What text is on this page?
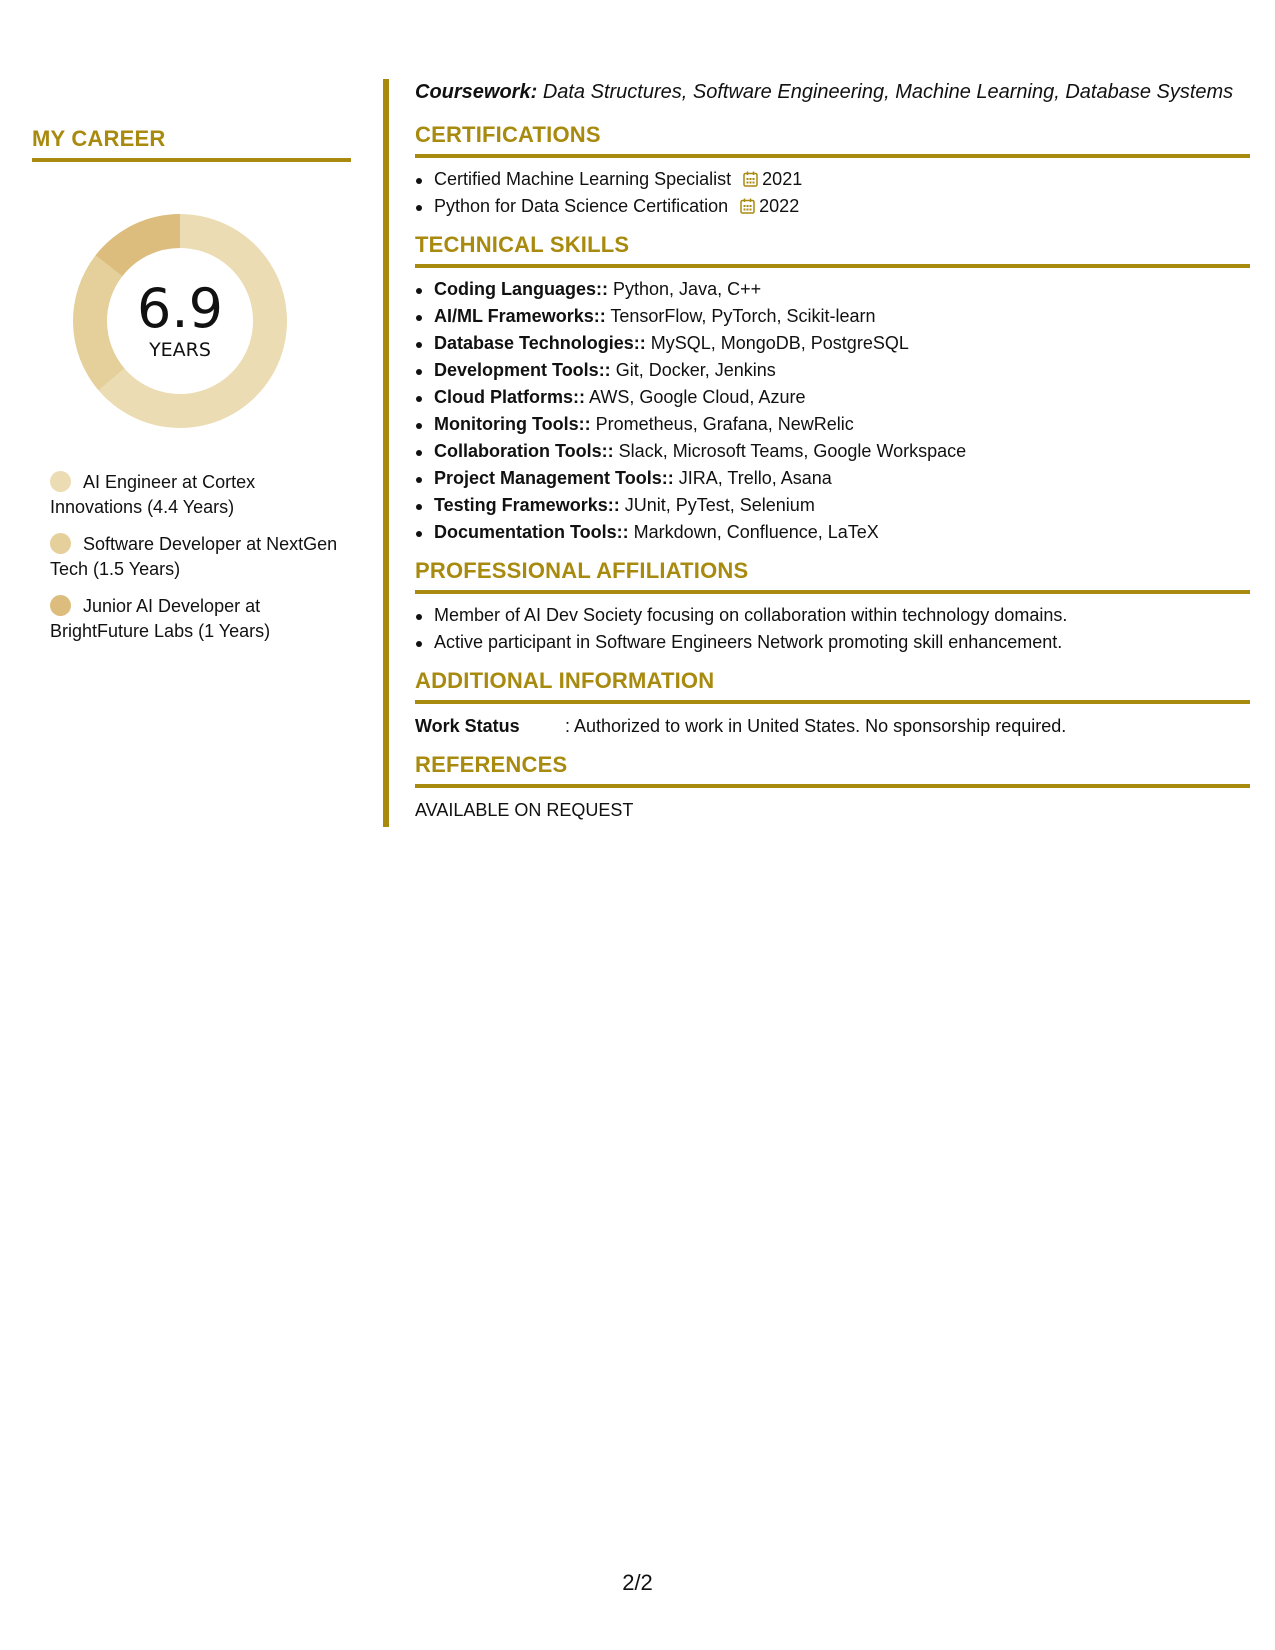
MY CAREER
6.9
YEARS
AI Engineer at Cortex Innovations (4.4 Years)
Software Developer at NextGen Tech (1.5 Years)
Junior AI Developer at BrightFuture Labs (1 Years)
Coursework: Data Structures, Software Engineering, Machine Learning, Database Systems
CERTIFICATIONS
Certified Machine Learning Specialist 2021
Python for Data Science Certification 2022
TECHNICAL SKILLS
Coding Languages:: Python, Java, C++
AI/ML Frameworks:: TensorFlow, PyTorch, Scikit-learn
Database Technologies:: MySQL, MongoDB, PostgreSQL
Development Tools:: Git, Docker, Jenkins
Cloud Platforms:: AWS, Google Cloud, Azure
Monitoring Tools:: Prometheus, Grafana, NewRelic
Collaboration Tools:: Slack, Microsoft Teams, Google Workspace
Project Management Tools:: JIRA, Trello, Asana
Testing Frameworks:: JUnit, PyTest, Selenium
Documentation Tools:: Markdown, Confluence, LaTeX
PROFESSIONAL AFFILIATIONS
Member of AI Dev Society focusing on collaboration within technology domains.
Active participant in Software Engineers Network promoting skill enhancement.
ADDITIONAL INFORMATION
Work Status	: Authorized to work in United States. No sponsorship required.
REFERENCES
AVAILABLE ON REQUEST
2/2
